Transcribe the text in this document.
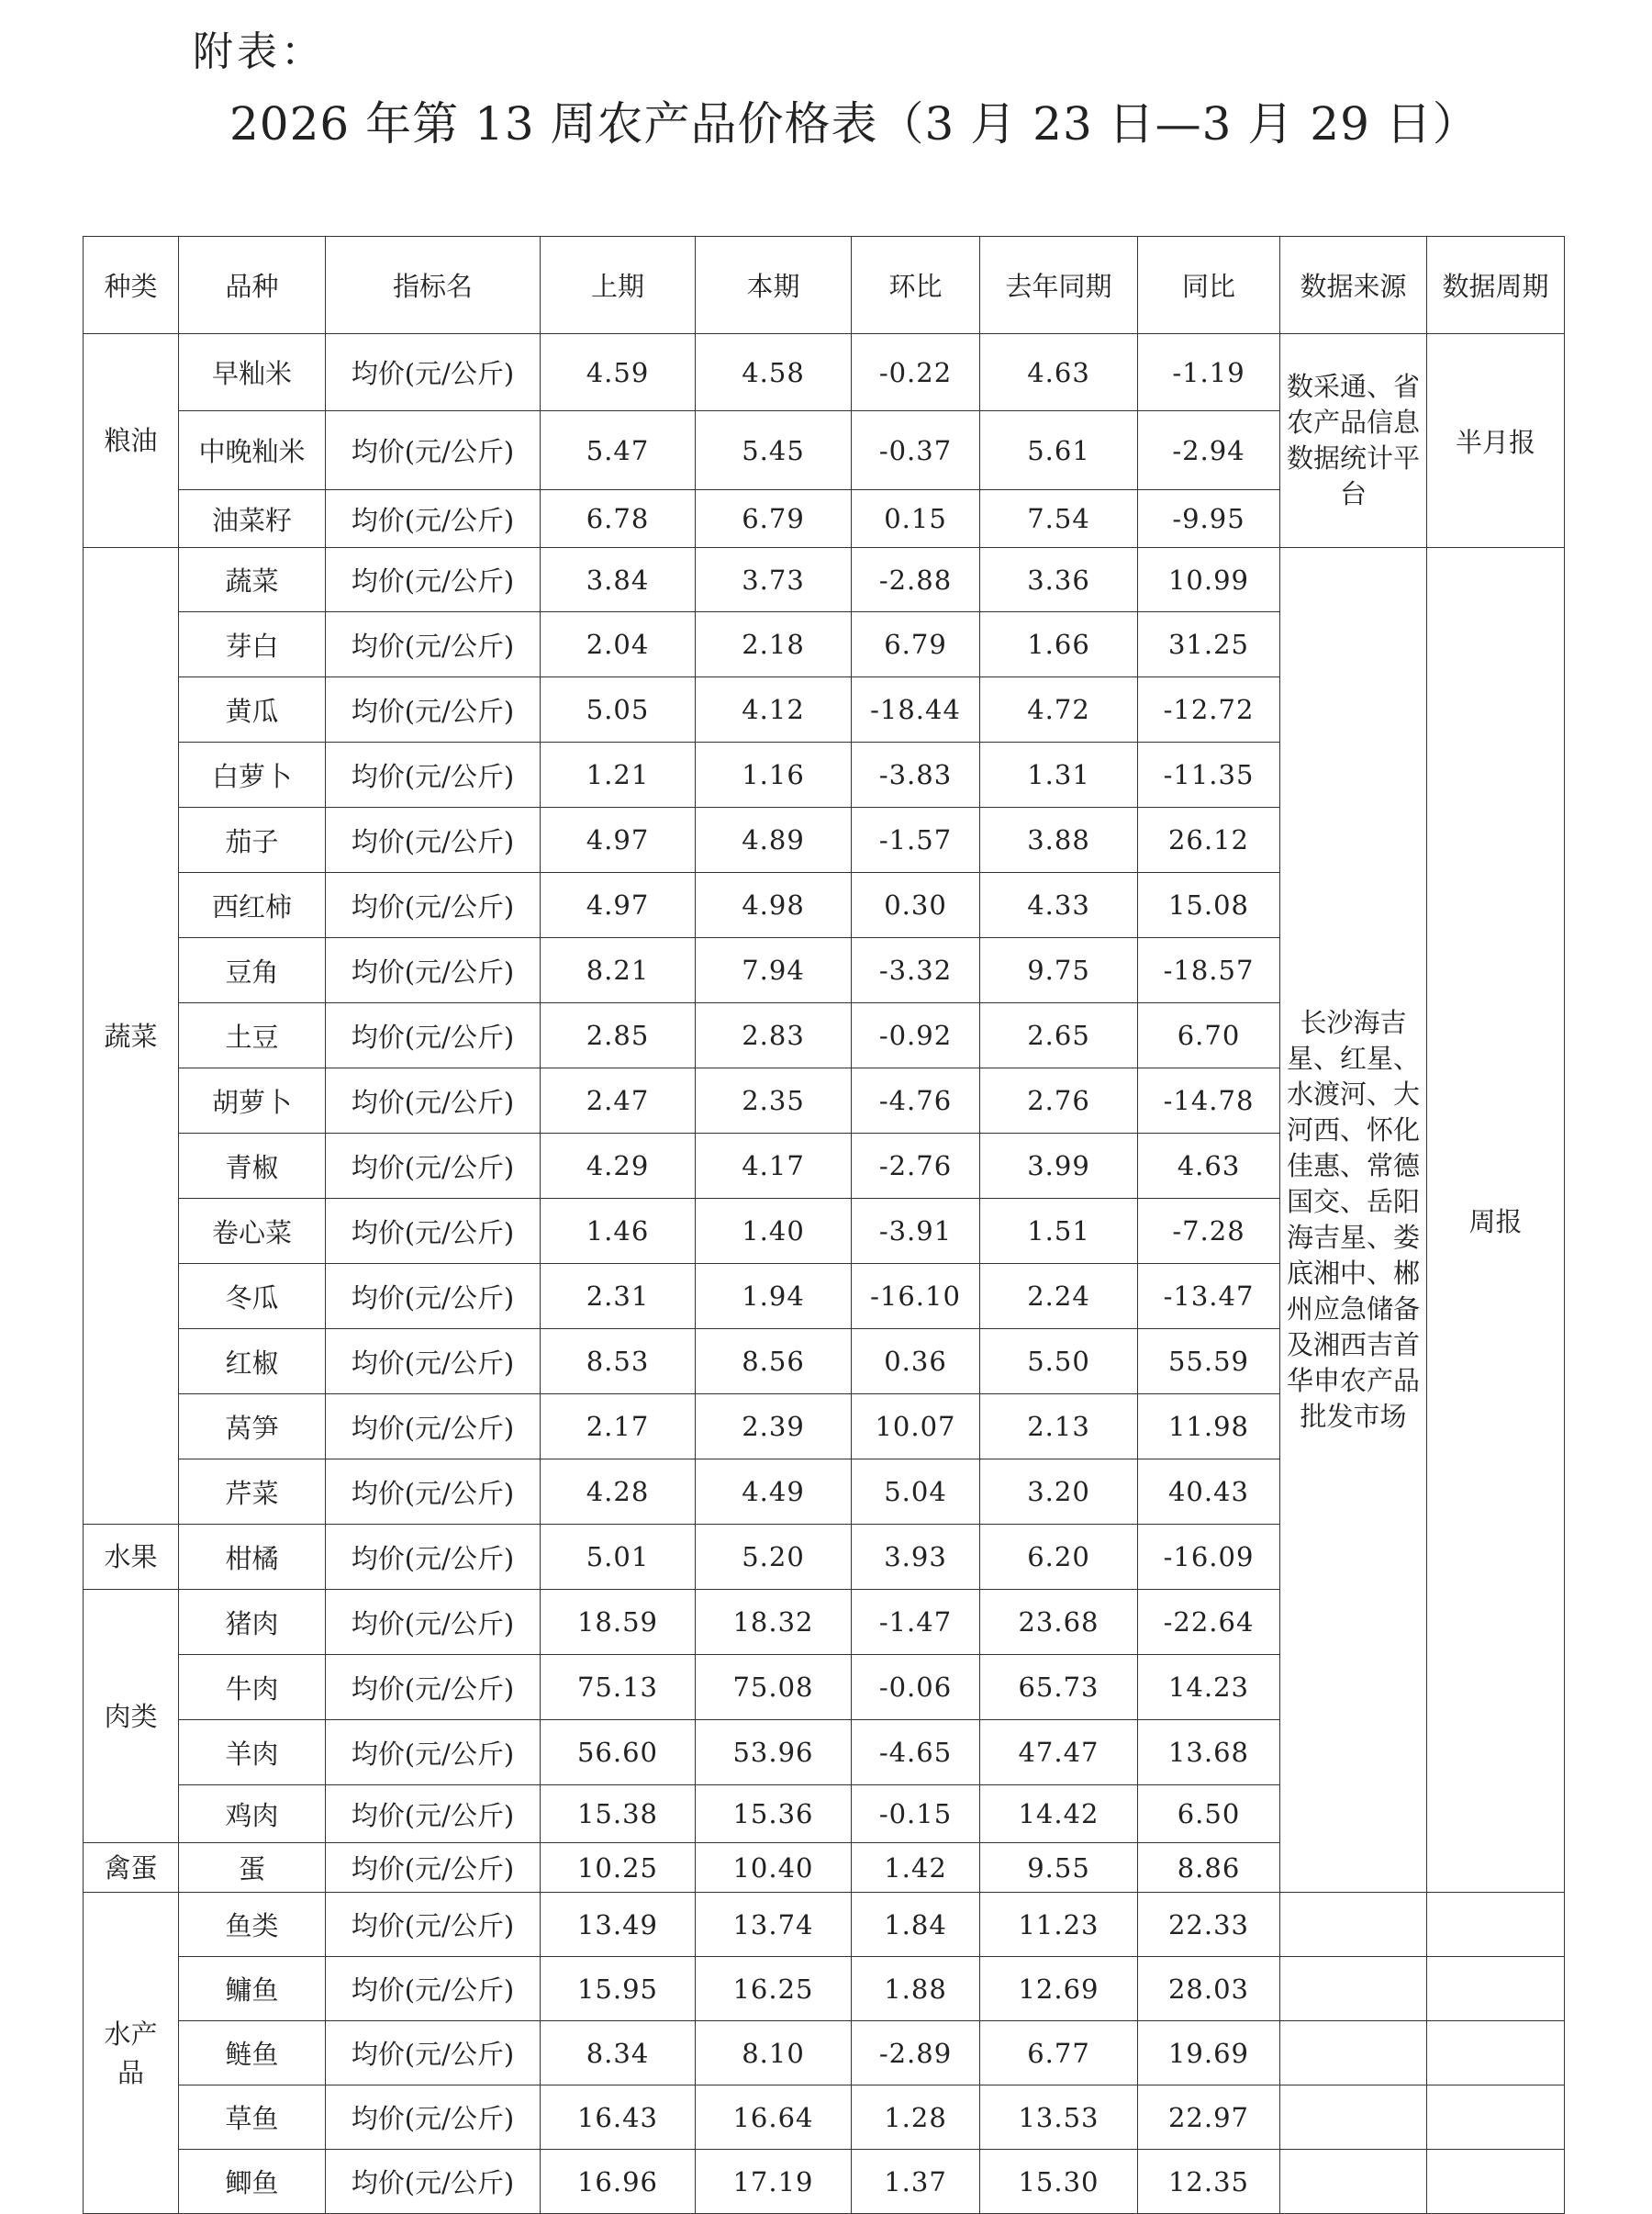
附表：
2026 年第 13 周农产品价格表（3 月 23 日—3 月 29 日）
种类	品种	指标名	上期	本期	环比	去年同期	同比	数据来源	数据周期
粮油	早籼米	均价(元/公斤)	4.59	4.58	-0.22	4.63	-1.19	数采通、省农产品信息数据统计平台	半月报
	中晚籼米	均价(元/公斤)	5.47	5.45	-0.37	5.61	-2.94		
	油菜籽	均价(元/公斤)	6.78	6.79	0.15	7.54	-9.95		
蔬菜	蔬菜	均价(元/公斤)	3.84	3.73	-2.88	3.36	10.99	长沙海吉星、红星、水渡河、大河西、怀化佳惠、常德国交、岳阳海吉星、娄底湘中、郴州应急储备及湘西吉首华申农产品批发市场	周报
	芽白	均价(元/公斤)	2.04	2.18	6.79	1.66	31.25		
	黄瓜	均价(元/公斤)	5.05	4.12	-18.44	4.72	-12.72		
	白萝卜	均价(元/公斤)	1.21	1.16	-3.83	1.31	-11.35		
	茄子	均价(元/公斤)	4.97	4.89	-1.57	3.88	26.12		
	西红柿	均价(元/公斤)	4.97	4.98	0.30	4.33	15.08		
	豆角	均价(元/公斤)	8.21	7.94	-3.32	9.75	-18.57		
	土豆	均价(元/公斤)	2.85	2.83	-0.92	2.65	6.70		
	胡萝卜	均价(元/公斤)	2.47	2.35	-4.76	2.76	-14.78		
	青椒	均价(元/公斤)	4.29	4.17	-2.76	3.99	4.63		
	卷心菜	均价(元/公斤)	1.46	1.40	-3.91	1.51	-7.28		
	冬瓜	均价(元/公斤)	2.31	1.94	-16.10	2.24	-13.47		
	红椒	均价(元/公斤)	8.53	8.56	0.36	5.50	55.59		
	莴笋	均价(元/公斤)	2.17	2.39	10.07	2.13	11.98		
	芹菜	均价(元/公斤)	4.28	4.49	5.04	3.20	40.43		
水果	柑橘	均价(元/公斤)	5.01	5.20	3.93	6.20	-16.09		
肉类	猪肉	均价(元/公斤)	18.59	18.32	-1.47	23.68	-22.64		
	牛肉	均价(元/公斤)	75.13	75.08	-0.06	65.73	14.23		
	羊肉	均价(元/公斤)	56.60	53.96	-4.65	47.47	13.68		
	鸡肉	均价(元/公斤)	15.38	15.36	-0.15	14.42	6.50		
禽蛋	蛋	均价(元/公斤)	10.25	10.40	1.42	9.55	8.86		
水产品	鱼类	均价(元/公斤)	13.49	13.74	1.84	11.23	22.33		
	鳙鱼	均价(元/公斤)	15.95	16.25	1.88	12.69	28.03		
	鲢鱼	均价(元/公斤)	8.34	8.10	-2.89	6.77	19.69		
	草鱼	均价(元/公斤)	16.43	16.64	1.28	13.53	22.97		
	鲫鱼	均价(元/公斤)	16.96	17.19	1.37	15.30	12.35		
